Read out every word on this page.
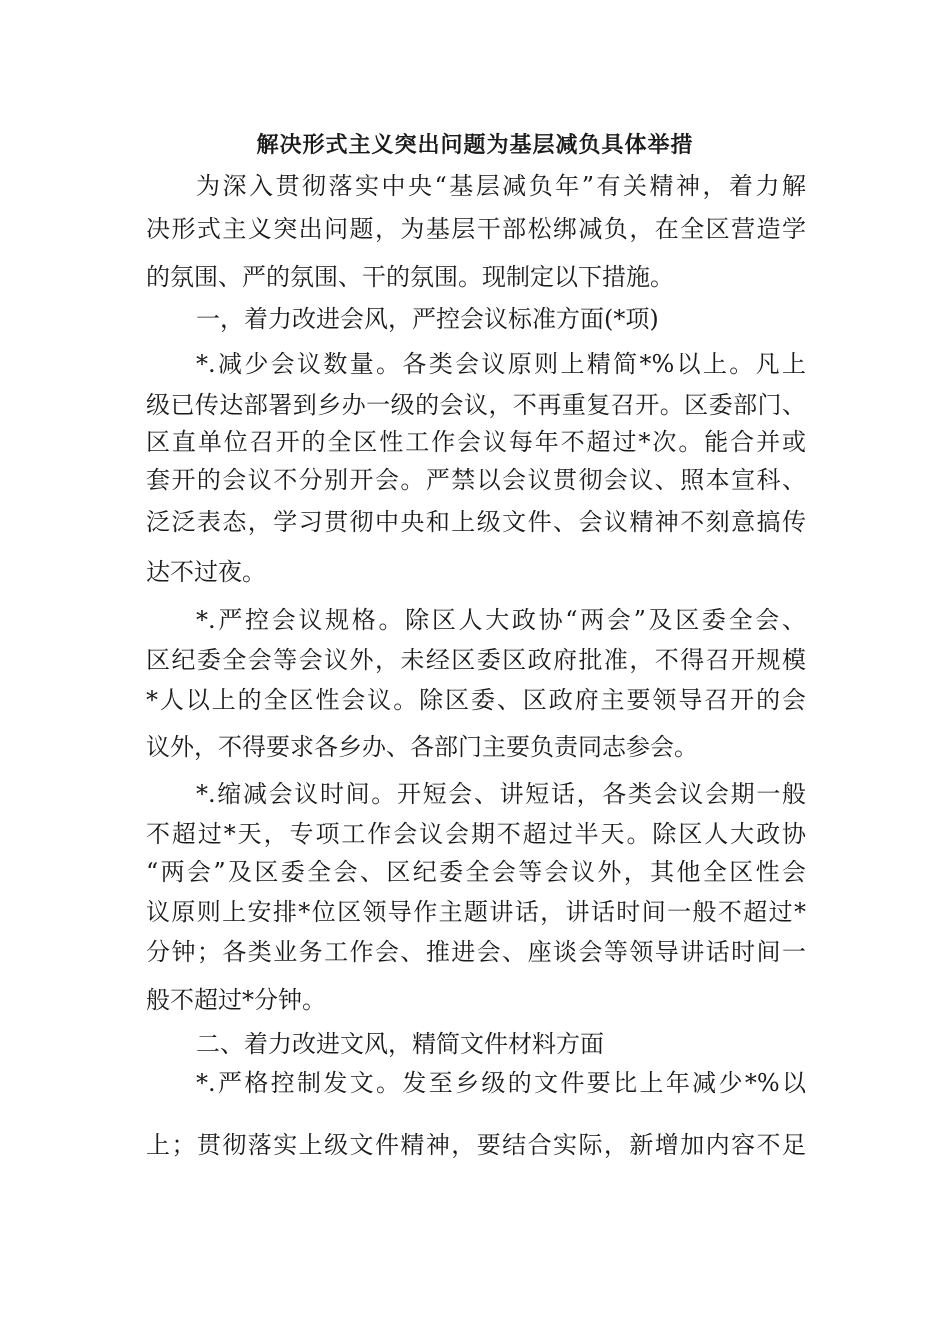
解决形式主义突出问题为基层减负具体举措
为深入贯彻落实中央“基层减负年”有关精神，着力解
决形式主义突出问题，为基层干部松绑减负，在全区营造学
的氛围、严的氛围、干的氛围。现制定以下措施。
一，着力改进会风，严控会议标准方面(*项)
*.减少会议数量。各类会议原则上精简*%以上。凡上
级已传达部署到乡办一级的会议，不再重复召开。区委部门、
区直单位召开的全区性工作会议每年不超过*次。能合并或
套开的会议不分别开会。严禁以会议贯彻会议、照本宣科、
泛泛表态，学习贯彻中央和上级文件、会议精神不刻意搞传
达不过夜。
*.严控会议规格。除区人大政协“两会”及区委全会、
区纪委全会等会议外，未经区委区政府批准，不得召开规模
*人以上的全区性会议。除区委、区政府主要领导召开的会
议外，不得要求各乡办、各部门主要负责同志参会。
*.缩减会议时间。开短会、讲短话，各类会议会期一般
不超过*天，专项工作会议会期不超过半天。除区人大政协
“两会”及区委全会、区纪委全会等会议外，其他全区性会
议原则上安排*位区领导作主题讲话，讲话时间一般不超过*
分钟；各类业务工作会、推进会、座谈会等领导讲话时间一
般不超过*分钟。
二、着力改进文风，精简文件材料方面
*.严格控制发文。发至乡级的文件要比上年减少*%以
上；贯彻落实上级文件精神，要结合实际，新增加内容不足
